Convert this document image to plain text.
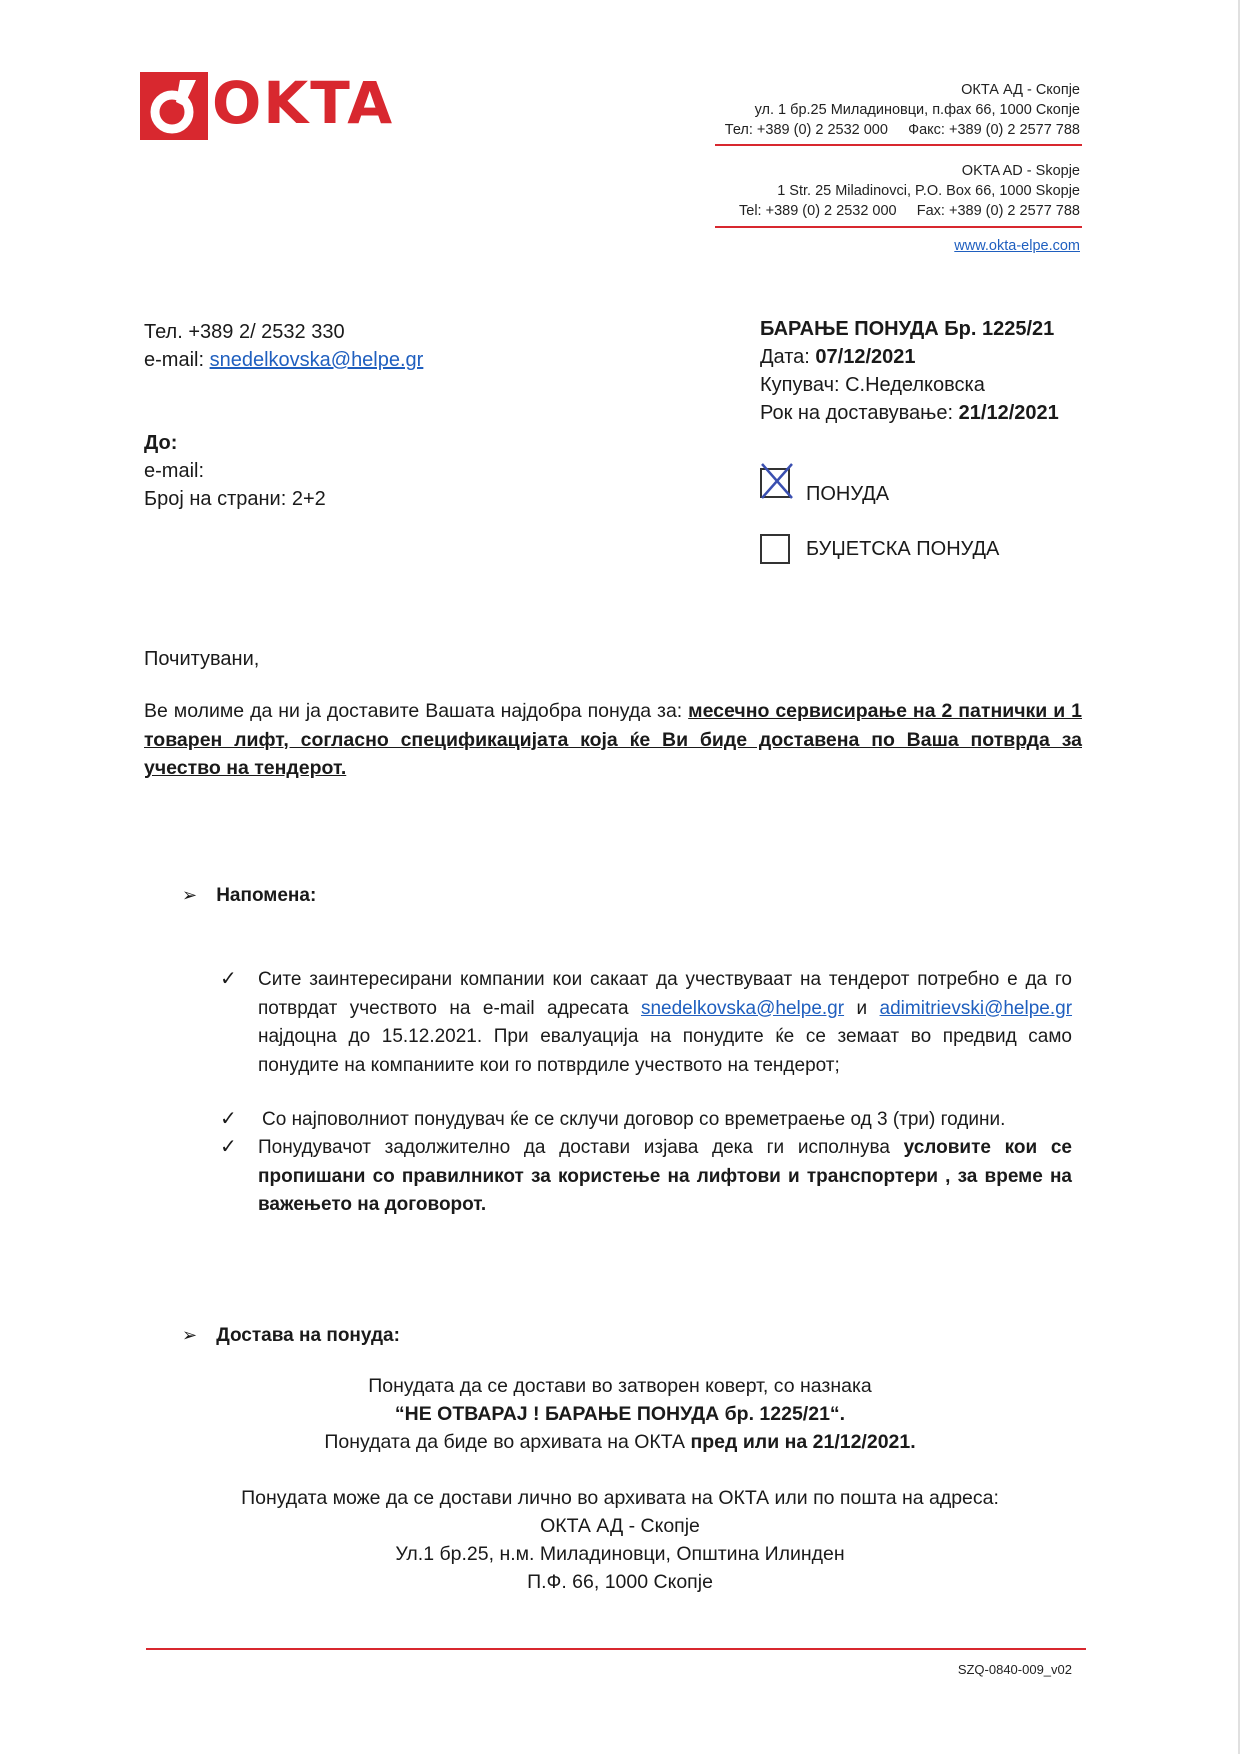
OKTA	ОКТА АД - Скопје
ул. 1 бр.25 Миладиновци, п.фах 66, 1000 Скопје
Тел: +389 (0) 2 2532 000     Факс: +389 (0) 2 2577 788
OKTA AD - Skopje
1 Str. 25 Miladinovci, P.O. Box 66, 1000 Skopje
Tel: +389 (0) 2 2532 000     Fax: +389 (0) 2 2577 788
www.okta-elpe.com
Тел. +389 2/ 2532 330
e-mail: snedelkovska@helpe.gr
БАРАЊЕ ПОНУДА Бр. 1225/21
Дата: 07/12/2021
Купувач: С.Неделковска
Рок на доставување: 21/12/2021
До:
e-mail:
Број на страни: 2+2	ПОНУДА
БУЏЕТСКА ПОНУДА
Почитувани,
Ве молиме да ни ја доставите Вашата најдобра понуда за: месечно сервисирање на 2 патнички и 1 товарен лифт, согласно спецификацијата која ќе Ви биде доставена по Ваша потврда за учество на тендерот.
➢ Напомена:
✓ Сите заинтересирани компании кои сакаат да учествуваат на тендерот потребно е да го потврдат учеството на e-mail адресата snedelkovska@helpe.gr и adimitrievski@helpe.gr најдоцна до 15.12.2021. При евалуација на понудите ќе се земаат во предвид само понудите на компаниите кои го потврдиле учеството на тендерот;
✓ Со најповолниот понудувач ќе се склучи договор со времетраење од 3 (три) години.
✓ Понудувачот задолжително да достави изјава дека ги исполнува условите кои се пропишани со правилникот за користење на лифтови и транспортери , за време на важењето на договорот.
➢ Достава на понуда:
Понудата да се достави во затворен коверт, со назнака
“НЕ ОТВАРАЈ ! БАРАЊЕ ПОНУДА бр. 1225/21“.
Понудата да биде во архивата на ОКТА пред или на 21/12/2021.
Понудата може да се достави лично во архивата на ОКТА или по пошта на адреса:
ОКТА АД - Скопје
Ул.1 бр.25, н.м. Миладиновци, Општина Илинден
П.Ф. 66, 1000 Скопје
SZQ-0840-009_v02
